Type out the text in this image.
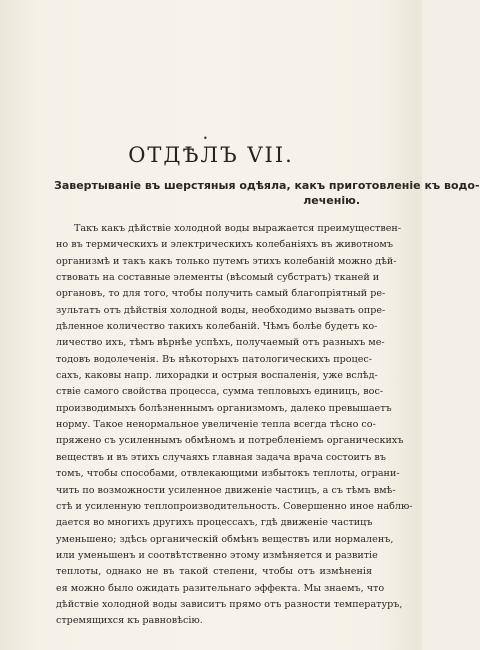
•
ОТДѢЛЪ VII.
Завертываніе въ шерстяныя одѣяла, какъ приготовленіе къ водо-
леченію.
Такъ какъ дѣйствіе холодной воды выражается преимуществен-
но въ термическихъ и электрическихъ колебаніяхъ въ животномъ
организмѣ и такъ какъ только путемъ этихъ колебаній можно дѣй-
ствовать на составные элементы (вѣсомый субстратъ) тканей и
органовъ, то для того, чтобы получить самый благопріятный ре-
зультатъ отъ дѣйствія холодной воды, необходимо вызвать опре-
дѣленное количество такихъ колебаній. Чѣмъ болѣе будетъ ко-
личество ихъ, тѣмъ вѣрнѣе успѣхъ, получаемый отъ разныхъ ме-
тодовъ водолеченія. Въ нѣкоторыхъ патологическихъ процес-
сахъ, каковы напр. лихорадки и острыя воспаленія, уже вслѣд-
ствіе самого свойства процесса, сумма тепловыхъ единицъ, вос-
производимыхъ болѣзненнымъ организмомъ, далеко превышаетъ
норму. Такое ненормальное увеличеніе тепла всегда тѣсно со-
пряжено съ усиленнымъ обмѣномъ и потребленіемъ органическихъ
веществъ и въ этихъ случаяхъ главная задача врача состоитъ въ
томъ, чтобы способами, отвлекающими избытокъ теплоты, ограни-
чить по возможности усиленное движеніе частицъ, а съ тѣмъ вмѣ-
стѣ и усиленную теплопроизводительность. Совершенно иное наблю-
дается во многихъ другихъ процессахъ, гдѣ движеніе частицъ
уменьшено; здѣсь органическій обмѣнъ веществъ или нормаленъ,
или уменьшенъ и соотвѣтственно этому измѣняется и развитіе
теплоты, однако не въ такой степени, чтобы отъ измѣненія
ея можно было ожидать разительнаго эффекта. Мы знаемъ, что
дѣйствіе холодной воды зависитъ прямо отъ разности температуръ,
стремящихся къ равновѣсію.
